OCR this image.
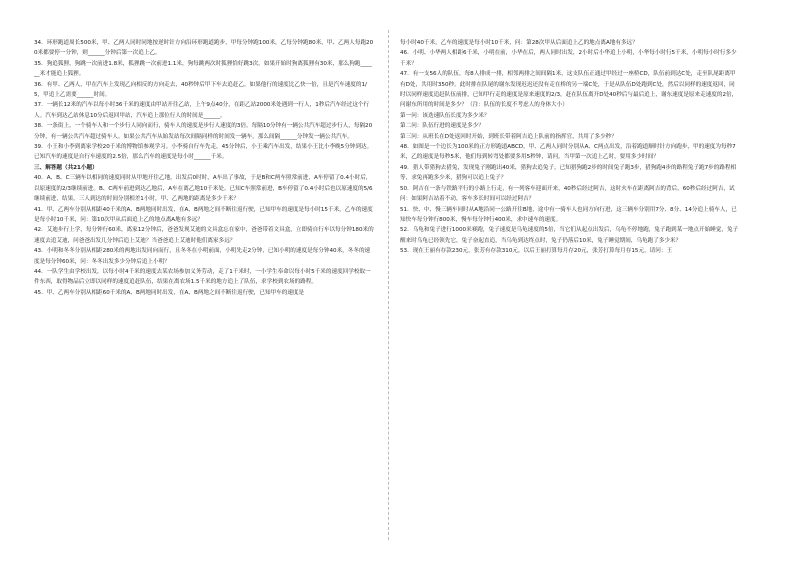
34．环形跑道周长500米，甲、乙两人同时同地按逆时针方向沿环形跑道跑步，甲每分钟跑100米，乙每分钟跑80米，甲、乙两人每跑200米都要停一分钟，则______分钟后第一次追上乙。

35．狗追狐狸，狗跳一次前进1.8米，狐狸跳一次前进1.1米，狗每跳两次时狐狸恰好跳3次。如果开始时狗离狐狸有30米，那么狗跑______米才能追上狐狸。

36．有甲、乙两人，甲在汽车上发现乙向相反的方向走去，40秒钟后甲下车去追赶乙。如果他行的速度比乙快一倍，且是汽车速度的1/5，甲追上乙需要______时间。

37．一辆长12米的汽车以每小时36千米的速度由甲站开往乙站，上午9点40分，在距乙站2000米处遇到一行人，1秒后汽车经过这个行人。汽车到达乙站休息10分后返回甲站，汽车追上那位行人的时间是______。

38．一条街上，一个骑车人和一个步行人同向而行，骑车人的速度是步行人速度的3倍。每隔10分钟有一辆公共汽车超过步行人，每隔20分钟，有一辆公共汽车超过骑车人。如果公共汽车从始发站每次间隔同样的时间发一辆车，那么间隔______分钟发一辆公共汽车。

39．小王和小李到离家学校20千米的博物馆参观学习。小李骑自行车先走，45分钟后，小王乘汽车出发，结果小王比小李晚5分钟到达。已知汽车的速度是自行车速度的2.5倍，那么汽车的速度是每小时______千米。

三、解答题（共21小题）

40．A、B、C三辆车以相同的速度同时从甲地开往乙地，出发后0时时，A车出了事故，于是B和C两车照常前进，A车停留了0.4小时后，以原速度的2/3继续前进。B、C两车前进到达乙地后，A车在离乙地10千米处。已知C车照常前进，B车停留了0.4小时后也以原速度的5/6继续前进，结果，三人到达的时间分别相差1小时，甲、乙两地的距离是多少千米？

41．甲、乙两车分别从相距40千米的A、B两地同时出发，在A、B两地之间不断往返行驶，已知甲车的速度是每小时15千米，乙车的速度是每小时10千米，问：第10次甲从后面追上乙的地点离A地有多远？

42．艾迪步行上学，每分钟行60米，离家12分钟后，爸爸发现艾迪的文具盒忘在家中，爸爸带着文具盒，立即骑自行车以每分钟180米的速度去追艾迪，问爸爸出发几分钟后追上艾迪？当爸爸追上艾迪时他们离家多远？

43．小明和冬冬分别从相距280米的两地出发同向而行，且冬冬在小明前面，小明先走2分钟，已知小明的速度是每分钟40米，冬冬的速度是每分钟60米，问：冬冬出发多少分钟后追上小明？

44．一队学生由学校出发，以每小时4千米的速度去某农场参加义务劳动，走了1千米时，一小学生奉命以每小时5千米的速度回学校取一件东西，取得物品后立即以同样的速度追赶队伍，结果在离农场1.5千米的地方追上了队伍，求学校到农场的路程。

45．甲、乙两车分别从相距60千米的A、B两地同时出发，在A、B两地之间不断往返行驶，已知甲车的速度是

每小时40千米，乙车的速度是每小时10千米，问：第28次甲从后面追上乙的地点离A地有多远？

46．小明、小华两人相距6千米，小明在前，小华在后，两人同时出发，2小时后小华追上小明，小华每小时行5千米，小明每小时行多少千米？

47．有一支56人的队伍，每8人排成一排，相邻两排之间间隔1米，这支队伍正通过甲经过一座桥CD，队伍前到达C处，走至队尾距离甲有D处，共用时350秒。此时排在队尾的谢东发现迟迟还没有走在桥的另一端C处，于是从队伍D处跑到C处，然后以同样的速度返回，同时以同样速度追赶队伍前排，已知甲行走的速度是原来速度的2/3，赶在队伍离开D处40秒后与最后追上，谢东速度是原来走速度的2倍，问谢东所用的时间是多少？（注：队伍的长度不考虑人的身体大小）

第一问：该迭速队伍长度为多少米？

第二问：队伍行进的速度是多少？

第三问：从班长在D处返回时开始，到班长带着阿吉追上队前的指挥官，共用了多少秒？

48．如图是一个边长为100米的正方形跑道ABCD，甲、乙两人同时分别从A、C两点出发，沿着跑道顺时针方向跑步，甲的速度为每秒7米，乙的速度是每秒5米，他们每到转弯处都要多用5秒钟，请问，当甲第一次追上乙时，要用多少时间？

49．猎人带猎狗去猎兔，发现兔子刚跑出40米，猎狗去追兔子，已知猎狗跑2步的时间兔子跑3步，猎狗跑4步的路程兔子跑7步的路程相等，求兔再跑多少米，猎狗可以追上兔子？

50．阿吉在一条与铁路平行的小路上行走，有一列客车迎面开来，40秒后经过阿吉，这时火车在距离阿吉的背后，60秒后经过阿吉，试问：如果阿吉站着不动，客车多长时间可以经过阿吉？

51．快、中、慢三辆车同时从A地沿同一公路开往B地，途中有一骑车人也同方向行进，这三辆车分别用7分、8分、14分追上骑车人，已知快车每分钟行800米，慢车每分钟行400米，求中速车的速度。

52．乌龟和兔子进行1000米赛跑，兔子速度是乌龟速度的5倍，当它们从起点出发后，乌龟不停地跑，兔子跑到某一地点开始睡觉，兔子醒来时乌龟已经领先它，兔子奋起直追，当乌龟到达终点时，兔子仍落后10米，兔子睡觉期间，乌龟跑了多少米？

53．现在王丽有存款230元，张芳有存款310元，以后王丽打算每月存20元，张芳打算每月存15元，请问：王
